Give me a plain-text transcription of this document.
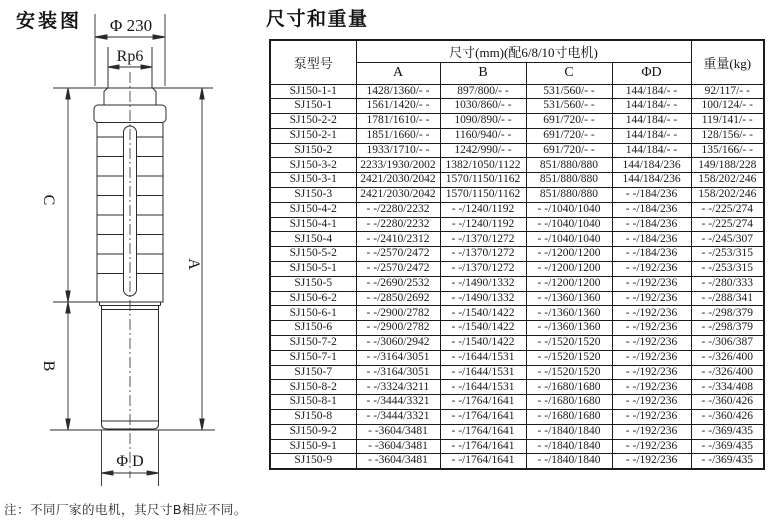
安装图	尺寸和重量
Φ 230
Rp6
C
A
B
Φ D
泵型号	尺寸(mm)(配6/8/10寸电机)				重量(kg)
	A	B	C	ΦD	
SJ150-1-1	1428/1360/- -	897/800/- -	531/560/- -	144/184/- -	92/117/- -
SJ150-1	1561/1420/- -	1030/860/- -	531/560/- -	144/184/- -	100/124/- -
SJ150-2-2	1781/1610/- -	1090/890/- -	691/720/- -	144/184/- -	119/141/- -
SJ150-2-1	1851/1660/- -	1160/940/- -	691/720/- -	144/184/- -	128/156/- -
SJ150-2	1933/1710/- -	1242/990/- -	691/720/- -	144/184/- -	135/166/- -
SJ150-3-2	2233/1930/2002	1382/1050/1122	851/880/880	144/184/236	149/188/228
SJ150-3-1	2421/2030/2042	1570/1150/1162	851/880/880	144/184/236	158/202/246
SJ150-3	2421/2030/2042	1570/1150/1162	851/880/880	- -/184/236	158/202/246
SJ150-4-2	- -/2280/2232	- -/1240/1192	- -/1040/1040	- -/184/236	- -/225/274
SJ150-4-1	- -/2280/2232	- -/1240/1192	- -/1040/1040	- -/184/236	- -/225/274
SJ150-4	- -/2410/2312	- -/1370/1272	- -/1040/1040	- -/184/236	- -/245/307
SJ150-5-2	- -/2570/2472	- -/1370/1272	- -/1200/1200	- -/184/236	- -/253/315
SJ150-5-1	- -/2570/2472	- -/1370/1272	- -/1200/1200	- -/192/236	- -/253/315
SJ150-5	- -/2690/2532	- -/1490/1332	- -/1200/1200	- -/192/236	- -/280/333
SJ150-6-2	- -/2850/2692	- -/1490/1332	- -/1360/1360	- -/192/236	- -/288/341
SJ150-6-1	- -/2900/2782	- -/1540/1422	- -/1360/1360	- -/192/236	- -/298/379
SJ150-6	- -/2900/2782	- -/1540/1422	- -/1360/1360	- -/192/236	- -/298/379
SJ150-7-2	- -/3060/2942	- -/1540/1422	- -/1520/1520	- -/192/236	- -/306/387
SJ150-7-1	- -/3164/3051	- -/1644/1531	- -/1520/1520	- -/192/236	- -/326/400
SJ150-7	- -/3164/3051	- -/1644/1531	- -/1520/1520	- -/192/236	- -/326/400
SJ150-8-2	- -/3324/3211	- -/1644/1531	- -/1680/1680	- -/192/236	- -/334/408
SJ150-8-1	- -/3444/3321	- -/1764/1641	- -/1680/1680	- -/192/236	- -/360/426
SJ150-8	- -/3444/3321	- -/1764/1641	- -/1680/1680	- -/192/236	- -/360/426
SJ150-9-2	- -3604/3481	- -/1764/1641	- -/1840/1840	- -/192/236	- -/369/435
SJ150-9-1	- -3604/3481	- -/1764/1641	- -/1840/1840	- -/192/236	- -/369/435
SJ150-9	- -3604/3481	- -/1764/1641	- -/1840/1840	- -/192/236	- -/369/435
注：不同厂家的电机，其尺寸B相应不同。
